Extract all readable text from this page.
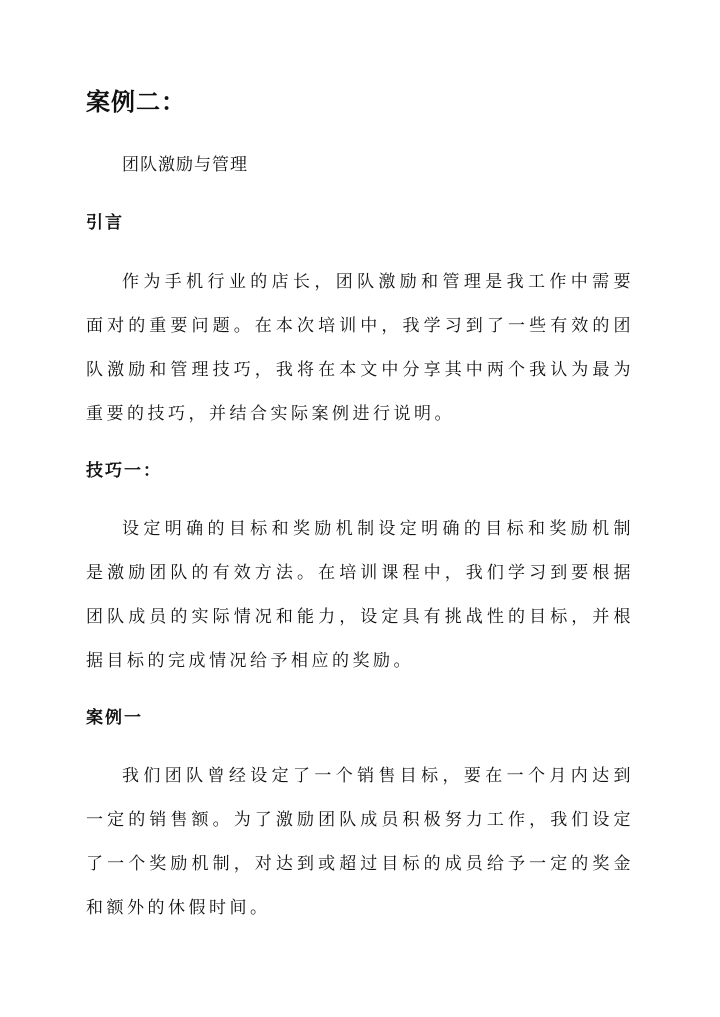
案例二：
团队激励与管理
引言
作为手机行业的店长，团队激励和管理是我工作中需要面对的重要问题。在本次培训中，我学习到了一些有效的团队激励和管理技巧，我将在本文中分享其中两个我认为最为重要的技巧，并结合实际案例进行说明。
技巧一：
设定明确的目标和奖励机制设定明确的目标和奖励机制是激励团队的有效方法。在培训课程中，我们学习到要根据团队成员的实际情况和能力，设定具有挑战性的目标，并根据目标的完成情况给予相应的奖励。
案例一
我们团队曾经设定了一个销售目标，要在一个月内达到一定的销售额。为了激励团队成员积极努力工作，我们设定了一个奖励机制，对达到或超过目标的成员给予一定的奖金和额外的休假时间。
